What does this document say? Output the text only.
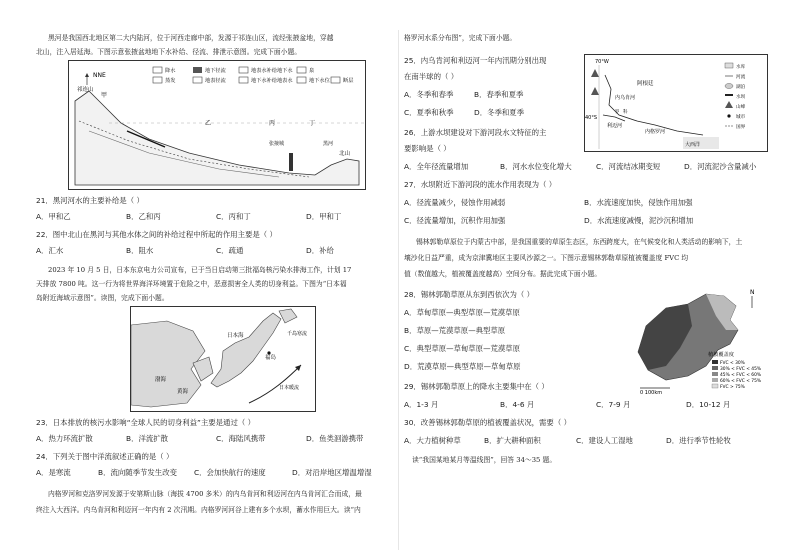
黑河是我国西北地区第二大内陆河，位于河西走廊中部，发源于祁连山区，流经张掖盆地，穿越
北山，注入居延海。下图示意张掖盆地地下水补给、径流、排泄示意图。完成下面小题。
NNE
降水
蒸发
地下径流
地表径流
地表水补给地下水
地下水补给地表水
泉
地下水位	断层
甲
乙	丙	丁
北山
祁连山
张掖城	黑河
21．黑河河水的主要补给是（ ）
A．甲和乙	B．乙和丙	C．丙和丁	D．甲和丁
22．图中北山在黑河与其他水体之间的补给过程中所起的作用主要是（ ）
A．汇水	B．阻水	C．疏通	D．补给
2023 年 10 月 5 日，日本东京电力公司宣布，已于当日启动第三批福岛核污染水排海工作，计划 17
天排放 7800 吨。这一行为将世界海洋环境置于危险之中，恶意损害全人类的切身利益。下图为“日本福
岛附近海域示意图”。读图，完成下面小题。
渤海
黄海
日本海
福岛
千岛寒流
日本暖流
23．日本排放的核污水影响“全球人民的切身利益”主要是通过（ ）
A．热力环流扩散	B．洋流扩散	C．海陆风携带	D．鱼类洄游携带
24．下列关于图中洋流叙述正确的是（ ）
A．是寒流	B．流向随季节发生改变 C．会加快航行的速度	D．对沿岸地区增温增湿
内格罗河和克洛罗河发源于安第斯山脉（海拔 4700 多米）的内乌肯河和利迈河在内乌肯河汇合而成，最
终注入大西洋。内乌肯河和利迈河一年内有 2 次汛期。内格罗河河谷上建有多个水坝，蓄水作用巨大。读“内
格罗河水系分布图”，完成下面小题。
25．内乌肯河和利迈河一年内汛期分别出现
在南半球的（ ）
A．冬季和春季	B．春季和夏季
C．夏季和秋季	D．冬季和夏季
70°W
阿根廷
内格罗河
利迈河
大西洋
40°S
内乌肯河
罗 科
水库
河流
湖泊
水坝
山峰
城市
国界
26．上游水坝建设对下游河段水文特征的主
要影响是（ ）
A．全年径流量增加	B．河水水位变化增大	C．河流结冰期变短	D．河流泥沙含量减小
27．水坝附近下游河段的流水作用表现为（ ）
A．径流量减少，侵蚀作用减弱	B．水流速度加快，侵蚀作用加强
C．径流量增加，沉积作用加强	D．水流速度减慢，泥沙沉积增加
锡林郭勒草原位于内蒙古中部，是我国重要的草原生态区，东西跨度大，在气候变化和人类活动的影响下，土
壤沙化日益严重，成为京津冀地区主要风沙源之一。下图示意锡林郭勒草原植被覆盖度 FVC 均
值（数值越大，植被覆盖度越高）空间分布。据此完成下面小题。
28．锡林郭勒草原从东到西依次为（ ）
A．草甸草原—典型草原—荒漠草原
B．草原—荒漠草原—典型草原
C．典型草原—草甸草原—荒漠草原
D．荒漠草原—典型草原—草甸草原
N
植被覆盖度
FVC < 30%
30% < FVC < 45%
45% < FVC < 60%
60% < FVC < 75%
FVC > 75%
0 100km
29．锡林郭勒草原上的降水主要集中在（ ）
A．1-3 月	B．4-6 月	C．7-9 月	D．10-12 月
30．改善锡林郭勒草原的植被覆盖状况，需要（ ）
A．大力植树种草	B．扩大耕种面积	C．建设人工湿地	D．进行季节性轮牧
读“我国某地某月等温线图”，回答 34～35 题。
